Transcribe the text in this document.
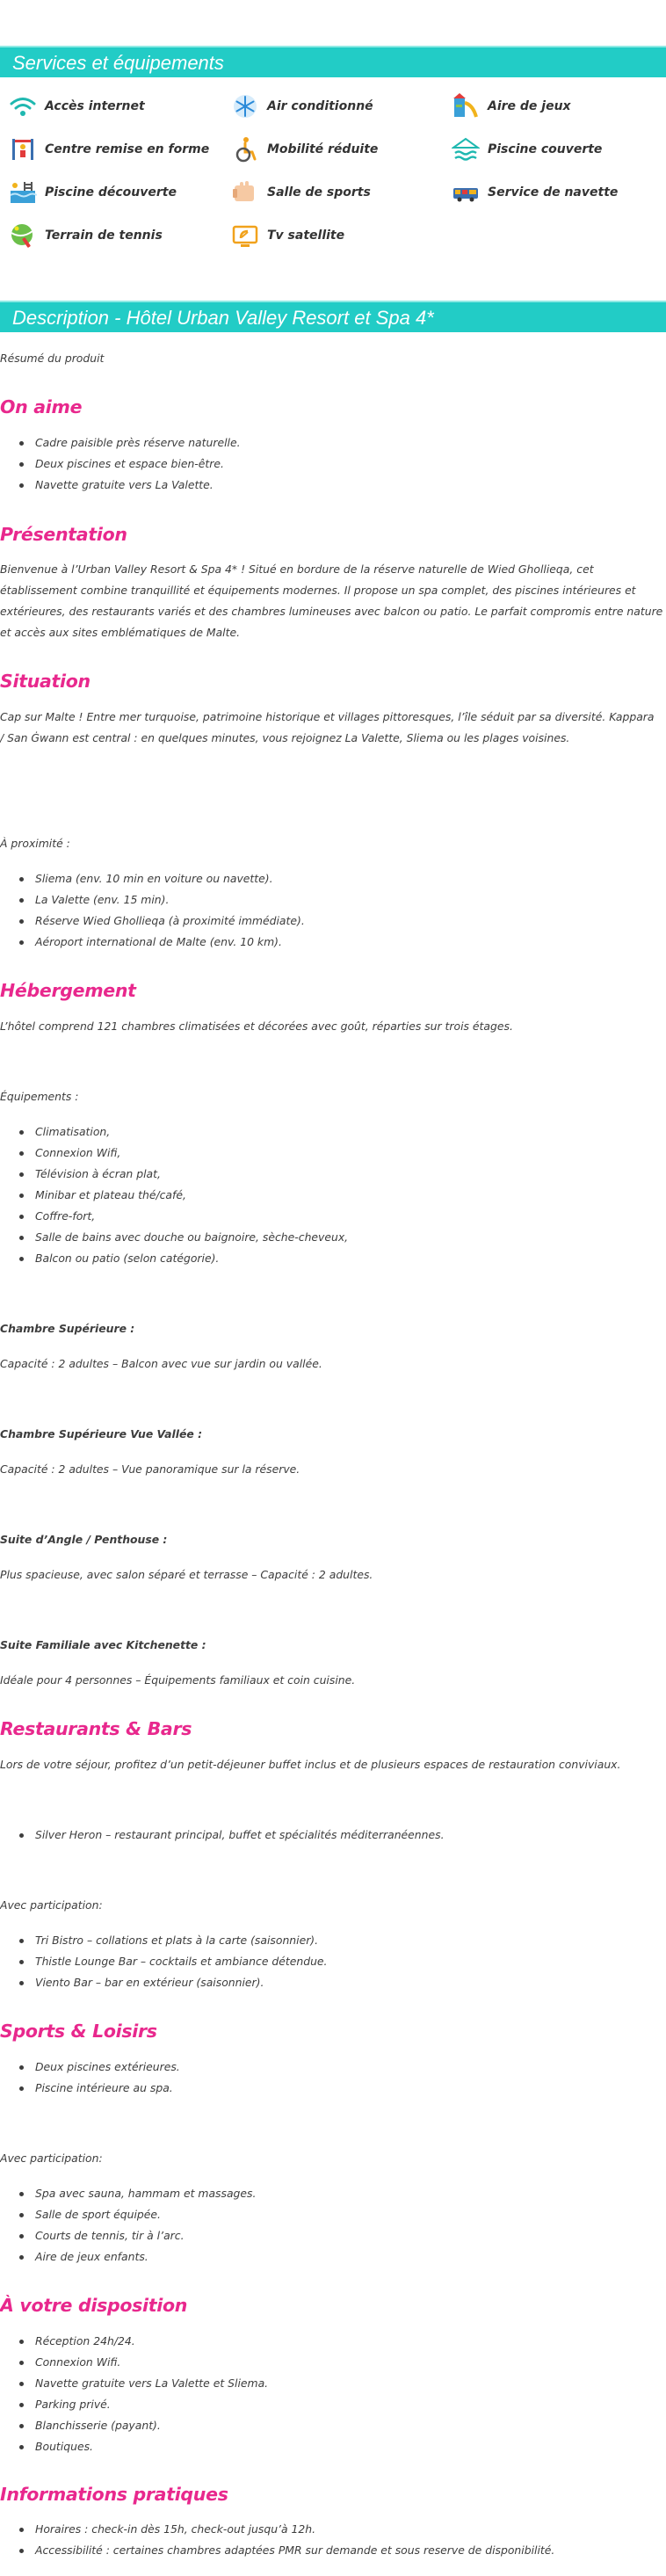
Services et équipements
Accès internet	Air conditionné	Aire de jeux
Centre remise en forme	Mobilité réduite	Piscine couverte
Piscine découverte	Salle de sports	Service de navette
Terrain de tennis	Tv satellite
Description - Hôtel Urban Valley Resort et Spa 4*

Résumé du produit

On aime
Cadre paisible près réserve naturelle.
Deux piscines et espace bien-être.
Navette gratuite vers La Valette.
Présentation

Bienvenue à l’Urban Valley Resort & Spa 4* ! Situé en bordure de la réserve naturelle de Wied Ghollieqa, cet

établissement combine tranquillité et équipements modernes. Il propose un spa complet, des piscines intérieures et

extérieures, des restaurants variés et des chambres lumineuses avec balcon ou patio. Le parfait compromis entre nature

et accès aux sites emblématiques de Malte.

Situation

Cap sur Malte ! Entre mer turquoise, patrimoine historique et villages pittoresques, l’île séduit par sa diversité. Kappara

/ San Ġwann est central : en quelques minutes, vous rejoignez La Valette, Sliema ou les plages voisines.

À proximité :

Sliema (env. 10 min en voiture ou navette).
La Valette (env. 15 min).
Réserve Wied Ghollieqa (à proximité immédiate).
Aéroport international de Malte (env. 10 km).
Hébergement

L’hôtel comprend 121 chambres climatisées et décorées avec goût, réparties sur trois étages.

Équipements :

Climatisation,
Connexion Wifi,
Télévision à écran plat,
Minibar et plateau thé/café,
Coffre-fort,
Salle de bains avec douche ou baignoire, sèche-cheveux,
Balcon ou patio (selon catégorie).

Chambre Supérieure :

Capacité : 2 adultes – Balcon avec vue sur jardin ou vallée.

Chambre Supérieure Vue Vallée :

Capacité : 2 adultes – Vue panoramique sur la réserve.

Suite d’Angle / Penthouse :

Plus spacieuse, avec salon séparé et terrasse – Capacité : 2 adultes.

Suite Familiale avec Kitchenette :

Idéale pour 4 personnes – Équipements familiaux et coin cuisine.

Restaurants & Bars

Lors de votre séjour, profitez d’un petit-déjeuner buffet inclus et de plusieurs espaces de restauration conviviaux.

Silver Heron – restaurant principal, buffet et spécialités méditerranéennes.

Avec participation:

Tri Bistro – collations et plats à la carte (saisonnier).
Thistle Lounge Bar – cocktails et ambiance détendue.
Viento Bar – bar en extérieur (saisonnier).
Sports & Loisirs
Deux piscines extérieures.
Piscine intérieure au spa.

Avec participation:

Spa avec sauna, hammam et massages.
Salle de sport équipée.
Courts de tennis, tir à l’arc.
Aire de jeux enfants.
À votre disposition
Réception 24h/24.
Connexion Wifi.
Navette gratuite vers La Valette et Sliema.
Parking privé.
Blanchisserie (payant).
Boutiques.
Informations pratiques
Horaires : check-in dès 15h, check-out jusqu’à 12h.
Accessibilité : certaines chambres adaptées PMR sur demande et sous reserve de disponibilité.
